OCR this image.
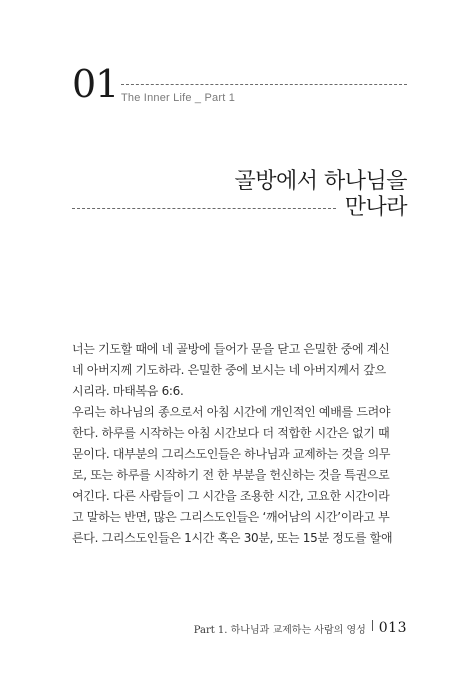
01 The Inner Life _ Part 1
골방에서 하나님을
만나라

너는 기도할 때에 네 골방에 들어가 문을 닫고 은밀한 중에 계신

네 아버지께 기도하라. 은밀한 중에 보시는 네 아버지께서 갚으

시리라. 마태복음 6:6.

우리는 하나님의 종으로서 아침 시간에 개인적인 예배를 드려야

한다. 하루를 시작하는 아침 시간보다 더 적합한 시간은 없기 때

문이다. 대부분의 그리스도인들은 하나님과 교제하는 것을 의무

로, 또는 하루를 시작하기 전 한 부분을 헌신하는 것을 특권으로

여긴다. 다른 사람들이 그 시간을 조용한 시간, 고요한 시간이라

고 말하는 반면, 많은 그리스도인들은 ‘깨어남의 시간’이라고 부

른다. 그리스도인들은 1시간 혹은 30분, 또는 15분 정도를 할애

Part 1. 하나님과 교제하는 사람의 영성 013
